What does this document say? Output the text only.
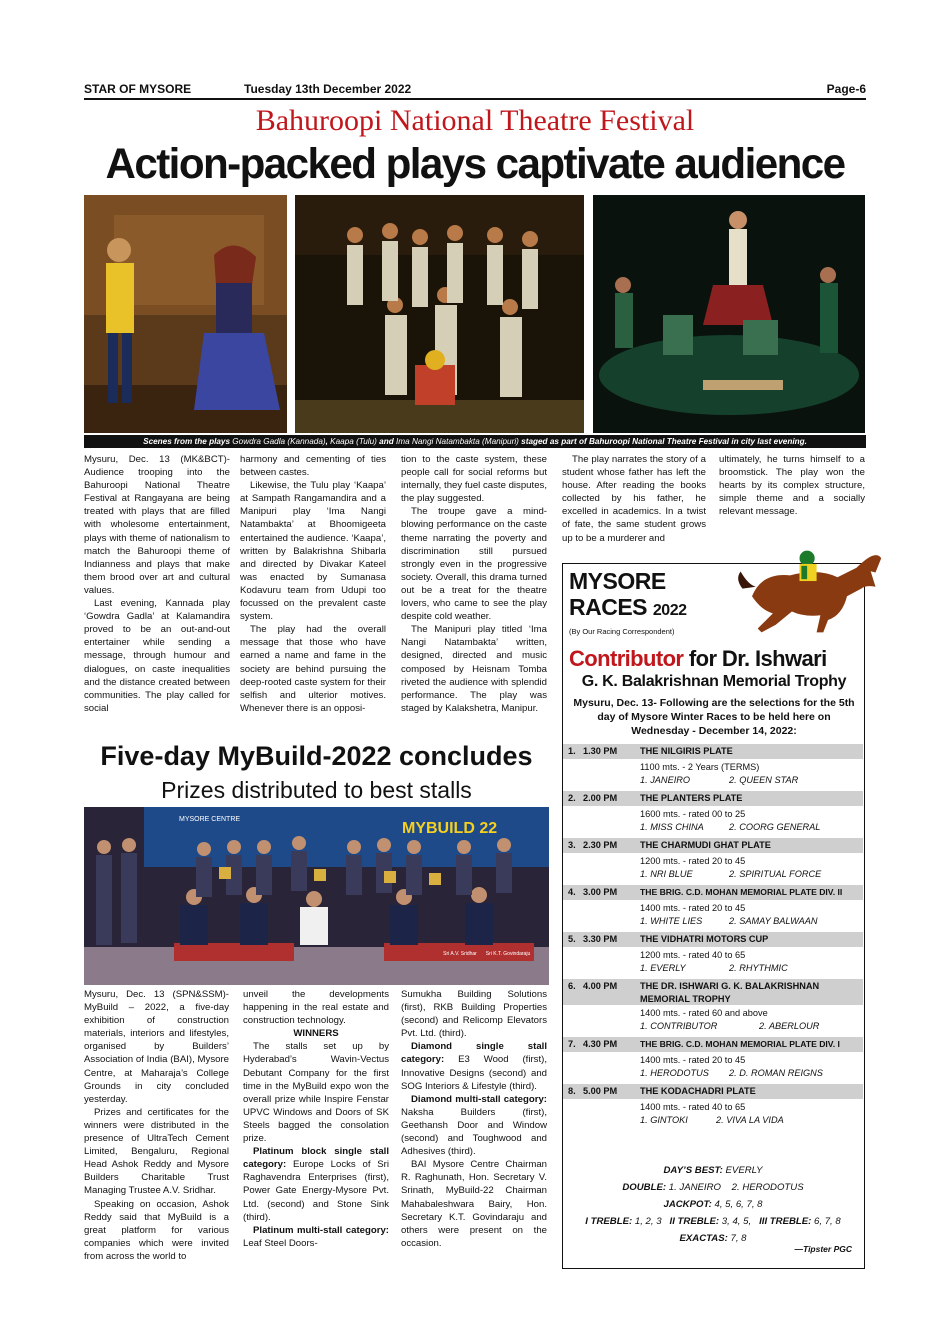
STAR OF MYSORE	Tuesday 13th December 2022	Page-6
Bahuroopi National Theatre Festival
Action-packed plays captivate audience
Scenes from the plays Gowdra Gadla (Kannada), Kaapa (Tulu) and Ima Nangi Natambakta (Manipuri) staged as part of Bahuroopi National Theatre Festival in city last evening.

Mysuru, Dec. 13 (MK&BCT)-Audience trooping into the Bahuroopi National Theatre Festival at Rangayana are being treated with plays that are filled with wholesome entertainment, plays with theme of nationalism to match the Bahuroopi theme of Indianness and plays that make them brood over art and cultural values.

Last evening, Kannada play ‘Gowdra Gadla’ at Kalamandira proved to be an out-and-out entertainer while sending a message, through humour and dialogues, on caste inequalities and the distance created between communities. The play called for social

harmony and cementing of ties between castes.

Likewise, the Tulu play ‘Kaapa’ at Sampath Rangamandira and a Manipuri play ‘Ima Nangi Natambakta’ at Bhoomigeeta entertained the audience. ‘Kaapa’, written by Balakrishna Shibarla and directed by Divakar Kateel was enacted by Sumanasa Kodavuru team from Udupi too focussed on the prevalent caste system.

The play had the overall message that those who have earned a name and fame in the society are behind pursuing the deep-rooted caste system for their selfish and ulterior motives. Whenever there is an opposi-

tion to the caste system, these people call for social reforms but internally, they fuel caste disputes, the play suggested.

The troupe gave a mind-blowing performance on the caste theme narrating the poverty and discrimination still pursued strongly even in the progressive society. Overall, this drama turned out be a treat for the theatre lovers, who came to see the play despite cold weather.

The Manipuri play titled ‘Ima Nangi Natambakta’ written, designed, directed and music composed by Heisnam Tomba riveted the audience with splendid performance. The play was staged by Kalakshetra, Manipur.

The play narrates the story of a student whose father has left the house. After reading the books collected by his father, he excelled in academics. In a twist of fate, the same student grows up to be a murderer and

ultimately, he turns himself to a broomstick. The play won the hearts by its complex structure, simple theme and a socially relevant message.

Five-day MyBuild-2022 concludes
Prizes distributed to best stalls
MYSORE CENTRE
MYBUILD 22
Sri A.V. Sridhar Sri K.T. Govindaraju

Mysuru, Dec. 13 (SPN&SSM)-MyBuild – 2022, a five-day exhibition of construction materials, interiors and lifestyles, organised by Builders’ Association of India (BAI), Mysore Centre, at Maharaja’s College Grounds in city concluded yesterday.

Prizes and certificates for the winners were distributed in the presence of UltraTech Cement Limited, Bengaluru, Regional Head Ashok Reddy and Mysore Builders Charitable Trust Managing Trustee A.V. Sridhar.

Speaking on occasion, Ashok Reddy said that MyBuild is a great platform for various companies which were invited from across the world to

unveil the developments happening in the real estate and construction technology.

WINNERS

The stalls set up by Hyderabad’s Wavin-Vectus Debutant Company for the first time in the MyBuild expo won the overall prize while Inspire Fenstar UPVC Windows and Doors of SK Steels bagged the consolation prize.

Platinum block single stall category: Europe Locks of Sri Raghavendra Enterprises (first), Power Gate Energy-Mysore Pvt. Ltd. (second) and Stone Sink (third).

Platinum multi-stall category: Leaf Steel Doors-

Sumukha Building Solutions (first), RKB Building Properties (second) and Relicomp Elevators Pvt. Ltd. (third).

Diamond single stall category: E3 Wood (first), Innovative Designs (second) and SOG Interiors & Lifestyle (third).

Diamond multi-stall category: Naksha Builders (first), Geethansh Door and Window (second) and Toughwood and Adhesives (third).

BAI Mysore Centre Chairman R. Raghunath, Hon. Secretary V. Srinath, MyBuild-22 Chairman Mahabaleshwara Bairy, Hon. Secretary K.T. Govindaraju and others were present on the occasion.

MYSORE
RACES 2022
(By Our Racing Correspondent)
Contributor for Dr. Ishwari
G. K. Balakrishnan Memorial Trophy
Mysuru, Dec. 13- Following are the selections for the 5th day of Mysore Winter Races to be held here on Wednesday - December 14, 2022:
1. 1.30 PM THE NILGIRIS PLATE
1100 mts. - 2 Years (TERMS)
1. JANEIRO	2. QUEEN STAR
2. 2.00 PM THE PLANTERS PLATE
1600 mts. - rated 00 to 25
1. MISS CHINA	2. COORG GENERAL
3. 2.30 PM THE CHARMUDI GHAT PLATE
1200 mts. - rated 20 to 45
1. NRI BLUE	2. SPIRITUAL FORCE
4. 3.00 PM	THE BRIG. C.D. MOHAN MEMORIAL PLATE DIV. II
1400 mts. - rated 20 to 45
1. WHITE LIES	2. SAMAY BALWAAN
5. 3.30 PM THE VIDHATRI MOTORS CUP
1200 mts. - rated 40 to 65
1. EVERLY	2. RHYTHMIC
6. 4.00 PM THE DR. ISHWARI G. K. BALAKRISHNAN MEMORIAL TROPHY
1400 mts. - rated 60 and above
1. CONTRIBUTOR	2. ABERLOUR
7. 4.30 PM	THE BRIG. C.D. MOHAN MEMORIAL PLATE DIV. I
1400 mts. - rated 20 to 45
1. HERODOTUS 2. D. ROMAN REIGNS
8. 5.00 PM THE KODACHADRI PLATE
1400 mts. - rated 40 to 65
1. GINTOKI	2. VIVA LA VIDA
DAY’S BEST: EVERLY
DOUBLE: 1. JANEIRO 2. HERODOTUS
JACKPOT: 4, 5, 6, 7, 8
I TREBLE: 1, 2, 3 II TREBLE: 3, 4, 5, III TREBLE: 6, 7, 8
EXACTAS: 7, 8
—Tipster PGC
